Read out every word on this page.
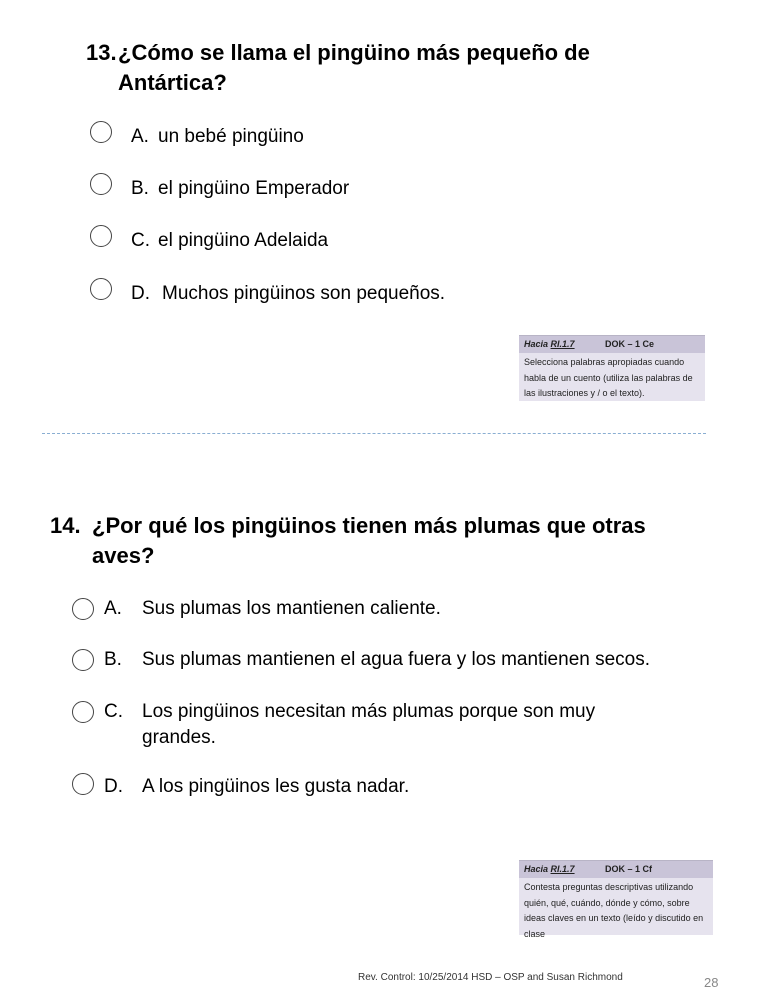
13. ¿Cómo se llama el pingüino más pequeño de Antártica?
A. un bebé pingüino
B. el pingüino Emperador
C. el pingüino Adelaida
D. Muchos pingüinos son pequeños.
Hacia RI.1.7	DOK – 1 Ce
Selecciona palabras apropiadas cuando habla de un cuento (utiliza las palabras de las ilustraciones y / o el texto).
14. ¿Por qué los pingüinos tienen más plumas que otras aves?
A.	Sus plumas los mantienen caliente.
B.	Sus plumas mantienen el agua fuera y los mantienen secos.
C.	Los pingüinos necesitan más plumas porque son muy grandes.
D.	A los pingüinos les gusta nadar.
Hacia RI.1.7	DOK – 1 Cf
Contesta preguntas descriptivas utilizando quién, qué, cuándo, dónde y cómo, sobre ideas claves en un texto (leído y discutido en clase
Rev. Control: 10/25/2014 HSD – OSP and Susan Richmond	28
